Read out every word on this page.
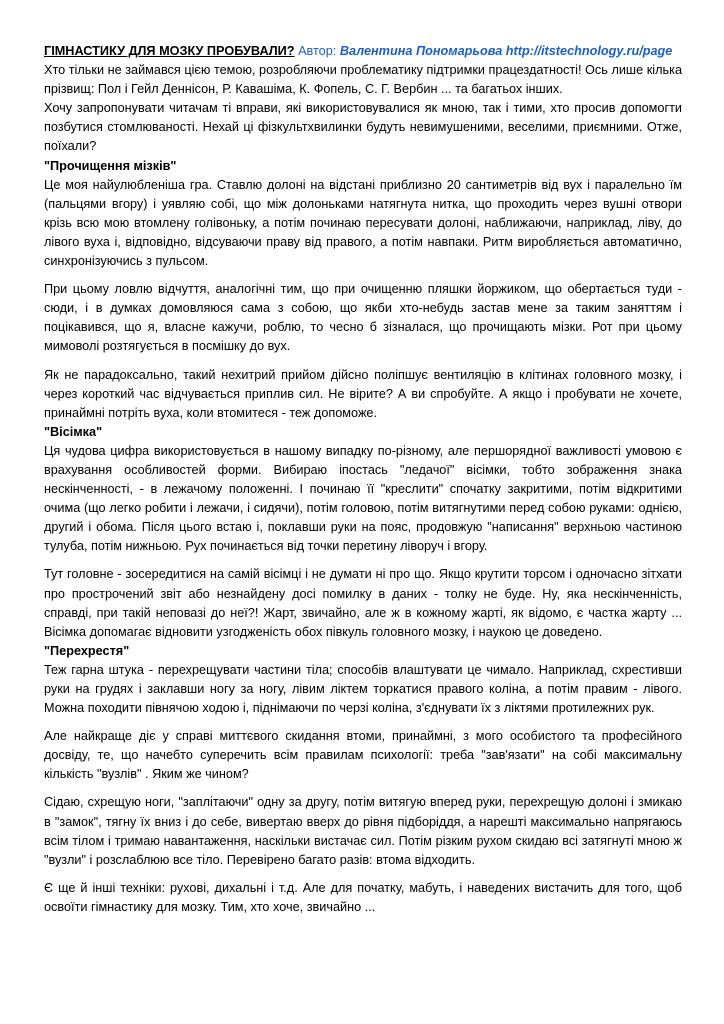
ГІМНАСТИКУ ДЛЯ МОЗКУ ПРОБУВАЛИ? Автор: Валентина Пономарьова http://itstechnology.ru/page

Хто тільки не займався цією темою, розробляючи проблематику підтримки працездатності! Ось лише кілька прізвищ: Пол і Гейл Деннісон, Р. Кавашіма, К. Фопель, С. Г. Вербин ... та багатьох інших.

Хочу запропонувати читачам ті вправи, які використовувалися як мною, так і тими, хто просив допомогти позбутися стомлюваності. Нехай ці фізкультхвилинки будуть невимушеними, веселими, приємними. Отже, поїхали?

"Прочищення мізків"

Це моя найулюбленіша гра. Ставлю долоні на відстані приблизно 20 сантиметрів від вух і паралельно їм (пальцями вгору) і уявляю собі, що між долоньками натягнута нитка, що проходить через вушні отвори крізь всю мою втомлену голівоньку, а потім починаю пересувати долоні, наближаючи, наприклад, ліву, до лівого вуха і, відповідно, відсуваючи праву від правого, а потім навпаки. Ритм виробляється автоматично, синхронізуючись з пульсом.

При цьому ловлю відчуття, аналогічні тим, що при очищенню пляшки йоржиком, що обертається туди - сюди, і в думках домовляюся сама з собою, що якби хто-небудь застав мене за таким заняттям і поцікавився, що я, власне кажучи, роблю, то чесно б зізналася, що прочищають мізки. Рот при цьому мимоволі розтягується в посмішку до вух.

Як не парадоксально, такий нехитрий прийом дійсно поліпшує вентиляцію в клітинах головного мозку, і через короткий час відчувається приплив сил. Не вірите? А ви спробуйте. А якщо і пробувати не хочете, принаймні потріть вуха, коли втомитеся - теж допоможе.

"Вісімка"

Ця чудова цифра використовується в нашому випадку по-різному, але першорядної важливості умовою є врахування особливостей форми. Вибираю іпостась "ледачої" вісімки, тобто зображення знака нескінченності, - в лежачому положенні. І починаю її "креслити" спочатку закритими, потім відкритими очима (що легко робити і лежачи, і сидячи), потім головою, потім витягнутими перед собою руками: однією, другий і обома. Після цього встаю і, поклавши руки на пояс, продовжую "написання" верхньою частиною тулуба, потім нижньою. Рух починається від точки перетину ліворуч і вгору.

Тут головне - зосередитися на самій вісімці і не думати ні про що. Якщо крутити торсом і одночасно зітхати про прострочений звіт або незнайдену досі помилку в даних - толку не буде. Ну, яка нескінченність, справді, при такій неповазі до неї?! Жарт, звичайно, але ж в кожному жарті, як відомо, є частка жарту ... Вісімка допомагає відновити узгодженість обох півкуль головного мозку, і наукою це доведено.

"Перехрестя"

Теж гарна штука - перехрещувати частини тіла; способів влаштувати це чимало. Наприклад, схрестивши руки на грудях і заклавши ногу за ногу, лівим ліктем торкатися правого коліна, а потім правим - лівого. Можна походити півнячою ходою і, піднімаючи по черзі коліна, з'єднувати їх з ліктями протилежних рук.

Але найкраще діє у справі миттєвого скидання втоми, принаймні, з мого особистого та професійного досвіду, те, що начебто суперечить всім правилам психології: треба "зав'язати" на собі максимальну кількість "вузлів" . Яким же чином?

Сідаю, схрещую ноги, "заплітаючи" одну за другу, потім витягую вперед руки, перехрещую долоні і змикаю в "замок", тягну їх вниз і до себе, вивертаю вверх до рівня підборіддя, а нарешті максимально напрягаюсь всім тілом і тримаю навантаження, наскільки вистачає сил. Потім різким рухом скидаю всі затягнуті мною ж "вузли" і розслаблюю все тіло. Перевірено багато разів: втома відходить.

Є ще й інші техніки: рухові, дихальні і т.д. Але для початку, мабуть, і наведених вистачить для того, щоб освоїти гімнастику для мозку. Тим, хто хоче, звичайно ...
